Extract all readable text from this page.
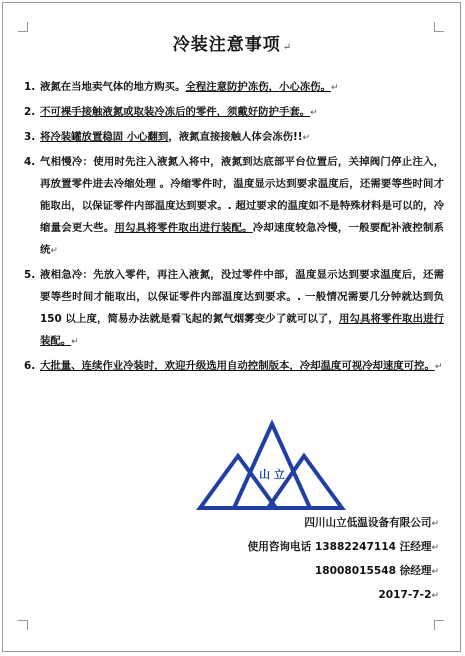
冷装注意事项 ↵
1. 液氮在当地卖气体的地方购买。全程注意防护冻伤，小心冻伤。↵
2. 不可裸手接触液氮或取装冷冻后的零件，须戴好防护手套。↵
3. 将冷装罐放置稳固 小心翻到，液氮直接接触人体会冻伤!!↵
4. 气相慢冷：使用时先注入液氮入将中，液氮到达底部平台位置后，关掉阀门停止注入，再放置零件进去冷缩处理 。冷缩零件时，温度显示达到要求温度后，还需要等些时间才能取出，以保证零件内部温度达到要求。. 超过要求的温度如不是特殊材料是可以的，冷缩量会更大些。用勾具将零件取出进行装配。冷却速度较急冷慢，一般要配补液控制系统↵
5. 液相急冷：先放入零件，再注入液氮，没过零件中部，温度显示达到要求温度后，还需要等些时间才能取出，以保证零件内部温度达到要求。. 一般情况需要几分钟就达到负 150 以上度，简易办法就是看飞起的氮气烟雾变少了就可以了，用勾具将零件取出进行装配。↵
6. 大批量、连续作业冷装时，欢迎升级选用自动控制版本，冷却温度可视冷却速度可控。↵
山 立
四川山立低温设备有限公司↵
使用咨询电话 13882247114 汪经理↵
18008015548 徐经理↵
2017-7-2↵
